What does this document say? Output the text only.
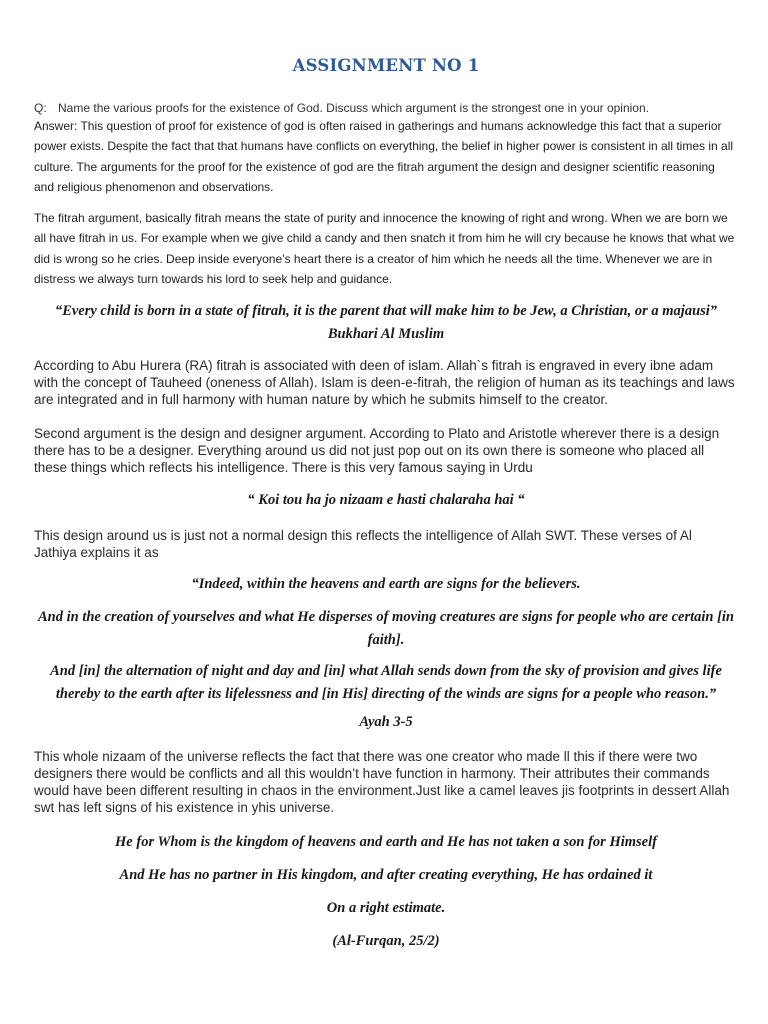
ASSIGNMENT NO 1
Q: Name the various proofs for the existence of God. Discuss which argument is the strongest one in your opinion.
Answer: This question of proof for existence of god is often raised in gatherings and humans acknowledge this fact that a superior power exists. Despite the fact that that humans have conflicts on everything, the belief in higher power is consistent in all times in all culture. The arguments for the proof for the existence of god are the fitrah argument the design and designer scientific reasoning and religious phenomenon and observations.
The fitrah argument, basically fitrah means the state of purity and innocence the knowing of right and wrong. When we are born we all have fitrah in us. For example when we give child a candy and then snatch it from him he will cry because he knows that what we did is wrong so he cries. Deep inside everyone’s heart there is a creator of him which he needs all the time. Whenever we are in distress we always turn towards his lord to seek help and guidance.
“Every child is born in a state of fitrah, it is the parent that will make him to be Jew, a Christian, or a majausi”
Bukhari Al Muslim
According to Abu Hurera (RA) fitrah is associated with deen of islam. Allah`s fitrah is engraved in every ibne adam with the concept of Tauheed (oneness of Allah). Islam is deen-e-fitrah, the religion of human as its teachings and laws are integrated and in full harmony with human nature by which he submits himself to the creator.
Second argument is the design and designer argument. According to Plato and Aristotle wherever there is a design there has to be a designer. Everything around us did not just pop out on its own there is someone who placed all these things which reflects his intelligence. There is this very famous saying in Urdu
“ Koi tou ha jo nizaam e hasti chalaraha hai “
This design around us is just not a normal design this reflects the intelligence of Allah SWT. These verses of Al Jathiya explains it as
“Indeed, within the heavens and earth are signs for the believers.
And in the creation of yourselves and what He disperses of moving creatures are signs for people who are certain [in faith].
And [in] the alternation of night and day and [in] what Allah sends down from the sky of provision and gives life thereby to the earth after its lifelessness and [in His] directing of the winds are signs for a people who reason.”
Ayah 3-5
This whole nizaam of the universe reflects the fact that there was one creator who made ll this if there were two designers there would be conflicts and all this wouldn’t have function in harmony. Their attributes their commands would have been different resulting in chaos in the environment.Just like a camel leaves jis footprints in dessert Allah swt has left signs of his existence in yhis universe.
He for Whom is the kingdom of heavens and earth and He has not taken a son for Himself
And He has no partner in His kingdom, and after creating everything, He has ordained it
On a right estimate.
(Al-Furqan, 25/2)
